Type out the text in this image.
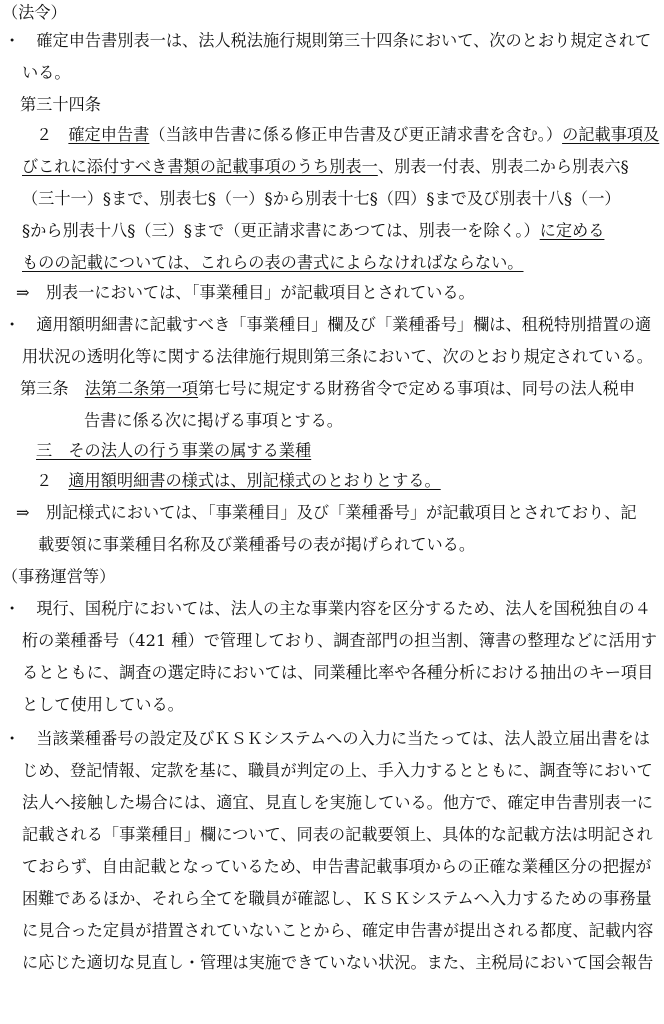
（法令）
・　確定申告書別表一は、法人税法施行規則第三十四条において、次のとおり規定されて
いる。
第三十四条
２　確定申告書（当該申告書に係る修正申告書及び更正請求書を含む。）の記載事項及
びこれに添付すべき書類の記載事項のうち別表一、別表一付表、別表二から別表六§
（三十一）§まで、別表七§（一）§から別表十七§（四）§まで及び別表十八§（一）
§から別表十八§（三）§まで（更正請求書にあつては、別表一を除く。）に定める
ものの記載については、これらの表の書式によらなければならない。
⇒　別表一においては、「事業種目」が記載項目とされている。
・　適用額明細書に記載すべき「事業種目」欄及び「業種番号」欄は、租税特別措置の適
用状況の透明化等に関する法律施行規則第三条において、次のとおり規定されている。
第三条　法第二条第一項第七号に規定する財務省令で定める事項は、同号の法人税申
告書に係る次に掲げる事項とする。
三　その法人の行う事業の属する業種
２　適用額明細書の様式は、別記様式のとおりとする。
⇒　別記様式においては、「事業種目」及び「業種番号」が記載項目とされており、記
載要領に事業種目名称及び業種番号の表が掲げられている。
（事務運営等）
・　現行、国税庁においては、法人の主な事業内容を区分するため、法人を国税独自の４
桁の業種番号（421 種）で管理しており、調査部門の担当割、簿書の整理などに活用す
るとともに、調査の選定時においては、同業種比率や各種分析における抽出のキー項目
として使用している。
・　当該業種番号の設定及びＫＳＫシステムへの入力に当たっては、法人設立届出書をは
じめ、登記情報、定款を基に、職員が判定の上、手入力するとともに、調査等において
法人へ接触した場合には、適宜、見直しを実施している。他方で、確定申告書別表一に
記載される「事業種目」欄について、同表の記載要領上、具体的な記載方法は明記され
ておらず、自由記載となっているため、申告書記載事項からの正確な業種区分の把握が
困難であるほか、それら全てを職員が確認し、ＫＳＫシステムへ入力するための事務量
に見合った定員が措置されていないことから、確定申告書が提出される都度、記載内容
に応じた適切な見直し・管理は実施できていない状況。また、主税局において国会報告
